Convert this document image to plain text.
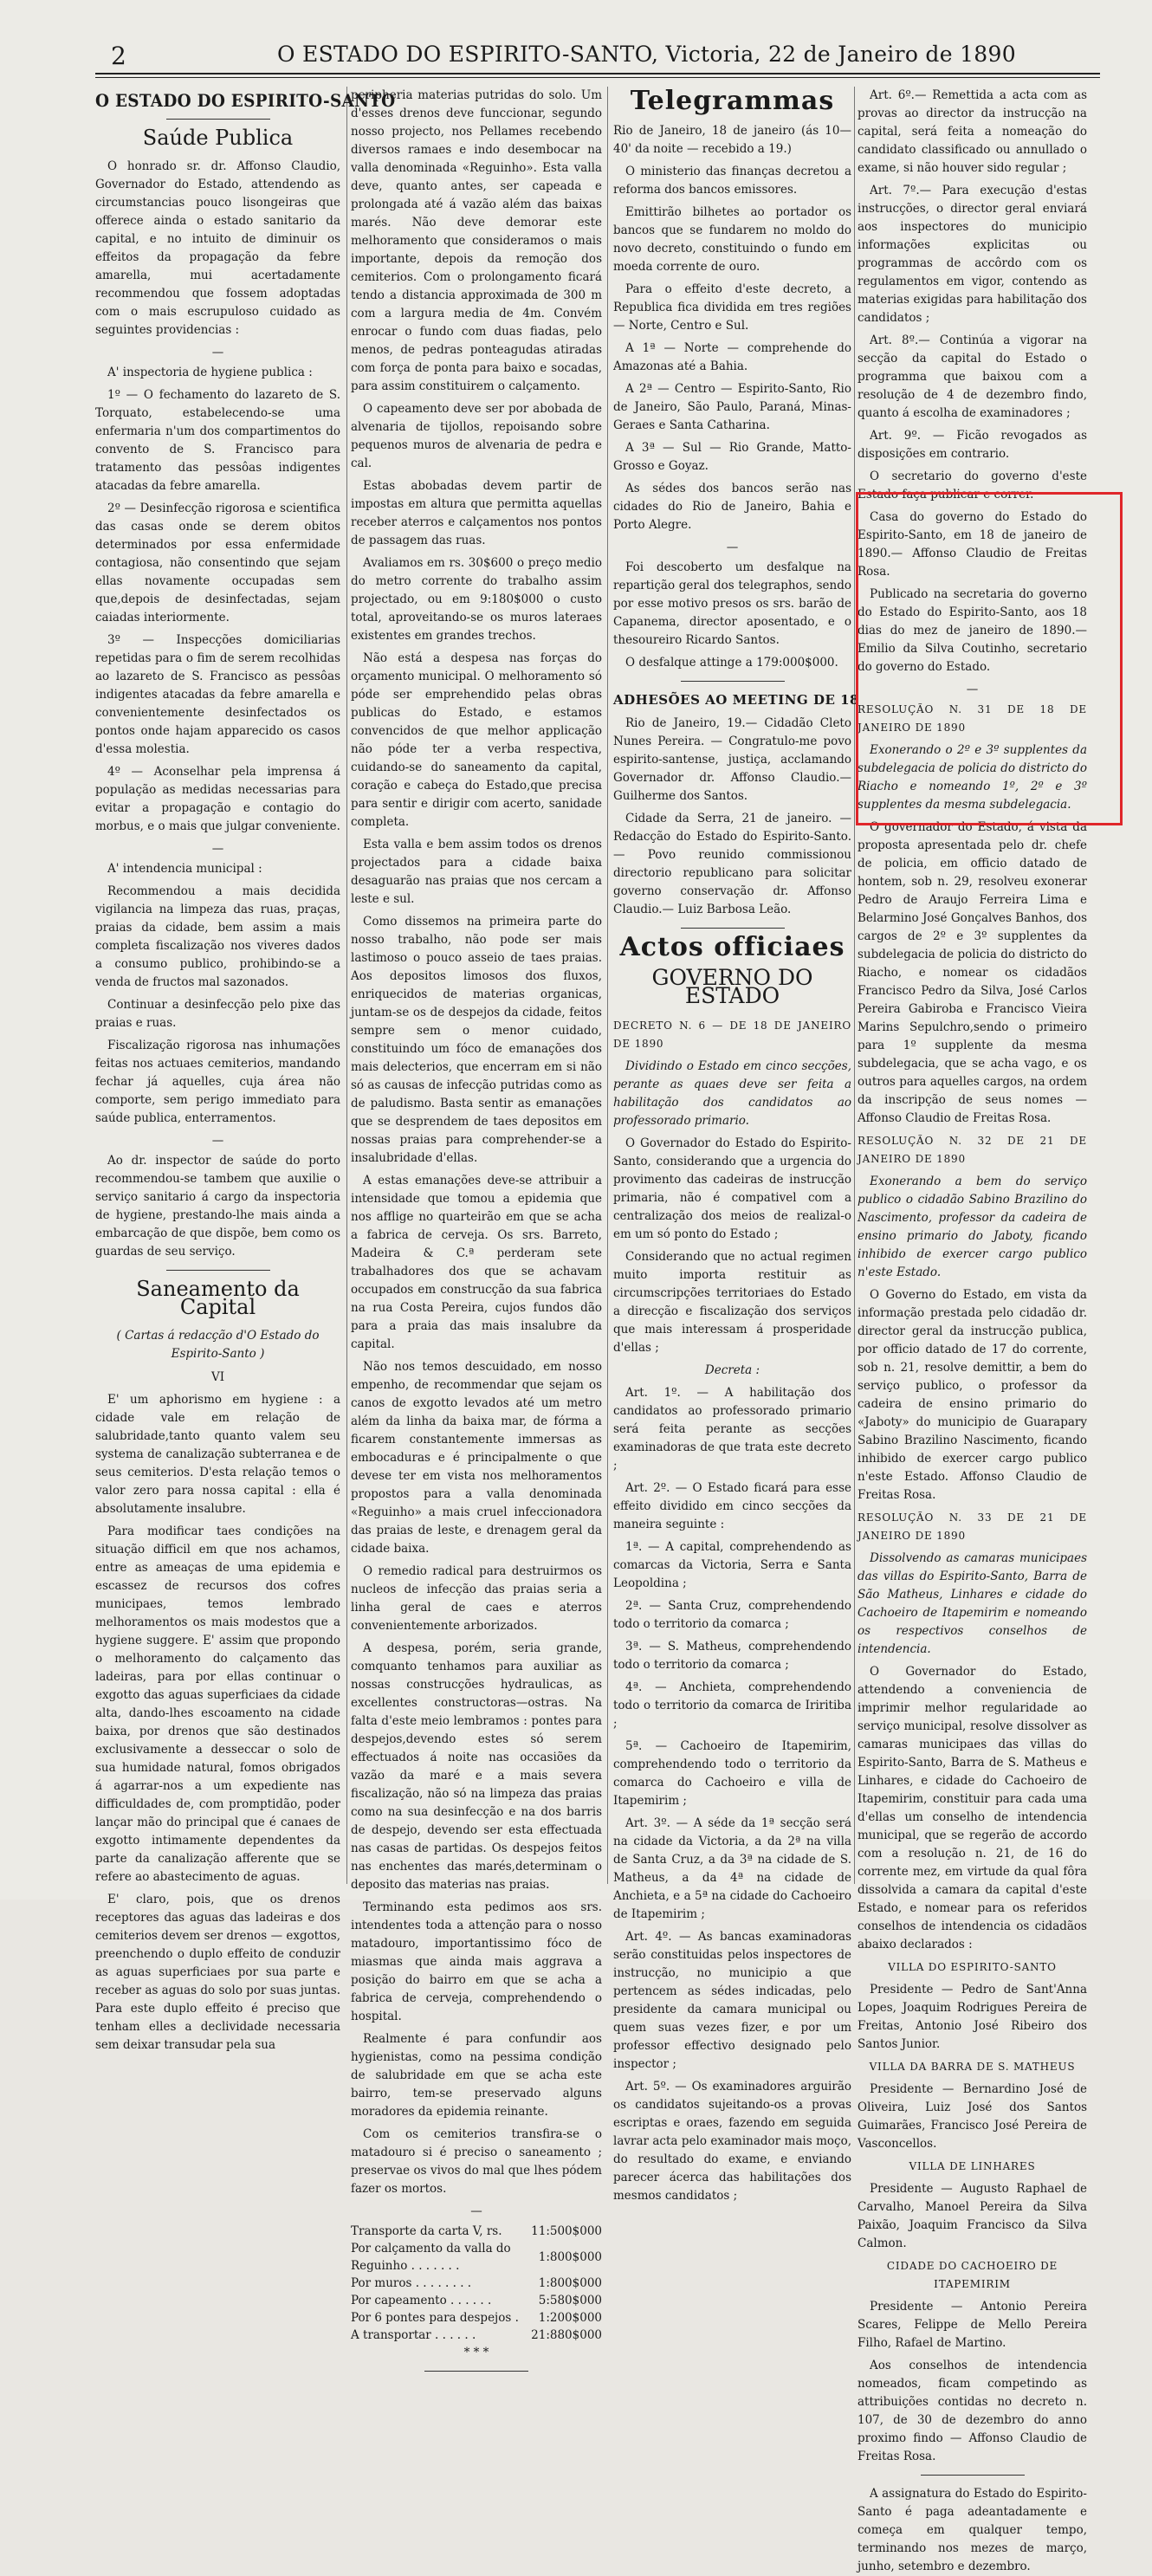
2	O ESTADO DO ESPIRITO-SANTO, Victoria, 22 de Janeiro de 1890
O ESTADO DO ESPIRITO-SANTO
Saúde Publica

O honrado sr. dr. Affonso Claudio, Governador do Estado, attendendo as circumstancias pouco lisongeiras que offerece ainda o estado sanitario da capital, e no intuito de diminuir os effeitos da propagação da febre amarella, mui acertadamente recommendou que fossem adoptadas com o mais escrupuloso cuidado as seguintes providencias :

—

A' inspectoria de hygiene publica :

1º — O fechamento do lazareto de S. Torquato, estabelecendo-se uma enfermaria n'um dos compartimentos do convento de S. Francisco para tratamento das pessôas indigentes atacadas da febre amarella.

2º — Desinfecção rigorosa e scientifica das casas onde se derem obitos determinados por essa enfermidade contagiosa, não consentindo que sejam ellas novamente occupadas sem que,depois de desinfectadas, sejam caiadas interiormente.

3º — Inspecções domiciliarias repetidas para o fim de serem recolhidas ao lazareto de S. Francisco as pessôas indigentes atacadas da febre amarella e convenientemente desinfectados os pontos onde hajam apparecido os casos d'essa molestia.

4º — Aconselhar pela imprensa á população as medidas necessarias para evitar a propagação e contagio do morbus, e o mais que julgar conveniente.

—

A' intendencia municipal :

Recommendou a mais decidida vigilancia na limpeza das ruas, praças, praias da cidade, bem assim a mais completa fiscalização nos viveres dados a consumo publico, prohibindo-se a venda de fructos mal sazonados.

Continuar a desinfecção pelo pixe das praias e ruas.

Fiscalização rigorosa nas inhumações feitas nos actuaes cemiterios, mandando fechar já aquelles, cuja área não comporte, sem perigo immediato para saúde publica, enterramentos.

—

Ao dr. inspector de saúde do porto recommendou-se tambem que auxilie o serviço sanitario á cargo da inspectoria de hygiene, prestando-lhe mais ainda a embarcação de que dispõe, bem como os guardas de seu serviço.

Saneamento da Capital

( Cartas á redacção d'O Estado do Espirito-Santo )

VI

E' um aphorismo em hygiene : a cidade vale em relação de salubridade,tanto quanto valem seu systema de canalização subterranea e de seus cemiterios. D'esta relação temos o valor zero para nossa capital : ella é absolutamente insalubre.

Para modificar taes condições na situação difficil em que nos achamos, entre as ameaças de uma epidemia e escassez de recursos dos cofres municipaes, temos lembrado melhoramentos os mais modestos que a hygiene suggere. E' assim que propondo o melhoramento do calçamento das ladeiras, para por ellas continuar o exgotto das aguas superficiaes da cidade alta, dando-lhes escoamento na cidade baixa, por drenos que são destinados exclusivamente a desseccar o solo de sua humidade natural, fomos obrigados á agarrar-nos a um expediente nas difficuldades de, com promptidão, poder lançar mão do principal que é canaes de exgotto intimamente dependentes da parte da canalização afferente que se refere ao abastecimento de aguas.

E' claro, pois, que os drenos receptores das aguas das ladeiras e dos cemiterios devem ser drenos — exgottos, preenchendo o duplo effeito de conduzir as aguas superficiaes por sua parte e receber as aguas do solo por suas juntas. Para este duplo effeito é preciso que tenham elles a declividade necessaria sem deixar transudar pela sua

peripheria materias putridas do solo. Um d'esses drenos deve funccionar, segundo nosso projecto, nos Pellames recebendo diversos ramaes e indo desembocar na valla denominada «Reguinho». Esta valla deve, quanto antes, ser capeada e prolongada até á vazão além das baixas marés. Não deve demorar este melhoramento que consideramos o mais importante, depois da remoção dos cemiterios. Com o prolongamento ficará tendo a distancia approximada de 300 m com a largura media de 4m. Convém enrocar o fundo com duas fiadas, pelo menos, de pedras ponteagudas atiradas com força de ponta para baixo e socadas, para assim constituirem o calçamento.

O capeamento deve ser por abobada de alvenaria de tijollos, repoisando sobre pequenos muros de alvenaria de pedra e cal.

Estas abobadas devem partir de impostas em altura que permitta aquellas receber aterros e calçamentos nos pontos de passagem das ruas.

Avaliamos em rs. 30$600 o preço medio do metro corrente do trabalho assim projectado, ou em 9:180$000 o custo total, aproveitando-se os muros lateraes existentes em grandes trechos.

Não está a despesa nas forças do orçamento municipal. O melhoramento só póde ser emprehendido pelas obras publicas do Estado, e estamos convencidos de que melhor applicação não póde ter a verba respectiva, cuidando-se do saneamento da capital, coração e cabeça do Estado,que precisa para sentir e dirigir com acerto, sanidade completa.

Esta valla e bem assim todos os drenos projectados para a cidade baixa desaguarão nas praias que nos cercam a leste e sul.

Como dissemos na primeira parte do nosso trabalho, não pode ser mais lastimoso o pouco asseio de taes praias. Aos depositos limosos dos fluxos, enriquecidos de materias organicas, juntam-se os de despejos da cidade, feitos sempre sem o menor cuidado, constituindo um fóco de emanações dos mais delecterios, que encerram em si não só as causas de infecção putridas como as de paludismo. Basta sentir as emanações que se desprendem de taes depositos em nossas praias para comprehender-se a insalubridade d'ellas.

A estas emanações deve-se attribuir a intensidade que tomou a epidemia que nos afflige no quarteirão em que se acha a fabrica de cerveja. Os srs. Barreto, Madeira & C.ª perderam sete trabalhadores dos que se achavam occupados em construcção da sua fabrica na rua Costa Pereira, cujos fundos dão para a praia das mais insalubre da capital.

Não nos temos descuidado, em nosso empenho, de recommendar que sejam os canos de exgotto levados até um metro além da linha da baixa mar, de fórma a ficarem constantemente immersas as embocaduras e é principalmente o que devese ter em vista nos melhoramentos propostos para a valla denominada «Reguinho» a mais cruel infeccionadora das praias de leste, e drenagem geral da cidade baixa.

O remedio radical para destruirmos os nucleos de infecção das praias seria a linha geral de caes e aterros convenientemente arborizados.

A despesa, porém, seria grande, comquanto tenhamos para auxiliar as nossas construcções hydraulicas, as excellentes constructoras—ostras. Na falta d'este meio lembramos : pontes para despejos,devendo estes só serem effectuados á noite nas occasiões da vazão da maré e a mais severa fiscalização, não só na limpeza das praias como na sua desinfecção e na dos barris de despejo, devendo ser esta effectuada nas casas de partidas. Os despejos feitos nas enchentes das marés,determinam o deposito das materias nas praias.

Terminando esta pedimos aos srs. intendentes toda a attenção para o nosso matadouro, importantissimo fóco de miasmas que ainda mais aggrava a posição do bairro em que se acha a fabrica de cerveja, comprehendendo o hospital.

Realmente é para confundir aos hygienistas, como na pessima condição de salubridade em que se acha este bairro, tem-se preservado alguns moradores da epidemia reinante.

Com os cemiterios transfira-se o matadouro si é preciso o saneamento ; preservae os vivos do mal que lhes pódem fazer os mortos.

—
Transporte da carta V, rs.	11:500$000
Por calçamento da valla do Reguinho . . . . . . .	1:800$000
Por muros . . . . . . . .	1:800$000
Por capeamento . . . . . .	5:580$000
Por 6 pontes para despejos .	1:200$000
A transportar . . . . . .	21:880$000

* * *

Telegrammas

Rio de Janeiro, 18 de janeiro (ás 10—40' da noite — recebido a 19.)

O ministerio das finanças decretou a reforma dos bancos emissores.

Emittirão bilhetes ao portador os bancos que se fundarem no moldo do novo decreto, constituindo o fundo em moeda corrente de ouro.

Para o effeito d'este decreto, a Republica fica dividida em tres regiões — Norte, Centro e Sul.

A 1ª — Norte — comprehende do Amazonas até a Bahia.

A 2ª — Centro — Espirito-Santo, Rio de Janeiro, São Paulo, Paraná, Minas-Geraes e Santa Catharina.

A 3ª — Sul — Rio Grande, Matto-Grosso e Goyaz.

As sédes dos bancos serão nas cidades do Rio de Janeiro, Bahia e Porto Alegre.

—

Foi descoberto um desfalque na repartição geral dos telegraphos, sendo por esse motivo presos os srs. barão de Capanema, director aposentado, e o thesoureiro Ricardo Santos.

O desfalque attinge a 179:000$000.

ADHESÕES AO MEETING DE 18

Rio de Janeiro, 19.— Cidadão Cleto Nunes Pereira. — Congratulo-me povo espirito-santense, justiça, acclamando Governador dr. Affonso Claudio.— Guilherme dos Santos.

Cidade da Serra, 21 de janeiro. — Redacção do Estado do Espirito-Santo. — Povo reunido commissionou directorio republicano para solicitar governo conservação dr. Affonso Claudio.— Luiz Barbosa Leão.

Actos officiaes
GOVERNO DO ESTADO

DECRETO N. 6 — DE 18 DE JANEIRO DE 1890

Dividindo o Estado em cinco secções, perante as quaes deve ser feita a habilitação dos candidatos ao professorado primario.

O Governador do Estado do Espirito-Santo, considerando que a urgencia do provimento das cadeiras de instrucção primaria, não é compativel com a centralização dos meios de realizal-o em um só ponto do Estado ;

Considerando que no actual regimen muito importa restituir as circumscripções territoriaes do Estado a direcção e fiscalização dos serviços que mais interessam á prosperidade d'ellas ;

Decreta :

Art. 1º. — A habilitação dos candidatos ao professorado primario será feita perante as secções examinadoras de que trata este decreto ;

Art. 2º. — O Estado ficará para esse effeito dividido em cinco secções da maneira seguinte :

1ª. — A capital, comprehendendo as comarcas da Victoria, Serra e Santa Leopoldina ;

2ª. — Santa Cruz, comprehendendo todo o territorio da comarca ;

3ª. — S. Matheus, comprehendendo todo o territorio da comarca ;

4ª. — Anchieta, comprehendendo todo o territorio da comarca de Iriritiba ;

5ª. — Cachoeiro de Itapemirim, comprehendendo todo o territorio da comarca do Cachoeiro e villa de Itapemirim ;

Art. 3º. — A séde da 1ª secção será na cidade da Victoria, a da 2ª na villa de Santa Cruz, a da 3ª na cidade de S. Matheus, a da 4ª na cidade de Anchieta, e a 5ª na cidade do Cachoeiro de Itapemirim ;

Art. 4º. — As bancas examinadoras serão constituidas pelos inspectores de instrucção, no municipio a que pertencem as sédes indicadas, pelo presidente da camara municipal ou quem suas vezes fizer, e por um professor effectivo designado pelo inspector ;

Art. 5º. — Os examinadores arguirão os candidatos sujeitando-os a provas escriptas e oraes, fazendo em seguida lavrar acta pelo examinador mais moço, do resultado do exame, e enviando parecer ácerca das habilitações dos mesmos candidatos ;

Art. 6º.— Remettida a acta com as provas ao director da instrucção na capital, será feita a nomeação do candidato classificado ou annullado o exame, si não houver sido regular ;

Art. 7º.— Para execução d'estas instrucções, o director geral enviará aos inspectores do municipio informações explicitas ou programmas de accôrdo com os regulamentos em vigor, contendo as materias exigidas para habilitação dos candidatos ;

Art. 8º.— Continúa a vigorar na secção da capital do Estado o programma que baixou com a resolução de 4 de dezembro findo, quanto á escolha de examinadores ;

Art. 9º. — Ficão revogados as disposições em contrario.

O secretario do governo d'este Estado faça publicar e correr.

Casa do governo do Estado do Espirito-Santo, em 18 de janeiro de 1890.— Affonso Claudio de Freitas Rosa.

Publicado na secretaria do governo do Estado do Espirito-Santo, aos 18 dias do mez de janeiro de 1890.— Emilio da Silva Coutinho, secretario do governo do Estado.

—

RESOLUÇÃO N. 31 DE 18 DE JANEIRO DE 1890

Exonerando o 2º e 3º supplentes da subdelegacia de policia do districto do Riacho e nomeando 1º, 2º e 3º supplentes da mesma subdelegacia.

O governador do Estado, á vista da proposta apresentada pelo dr. chefe de policia, em officio datado de hontem, sob n. 29, resolveu exonerar Pedro de Araujo Ferreira Lima e Belarmino José Gonçalves Banhos, dos cargos de 2º e 3º supplentes da subdelegacia de policia do districto do Riacho, e nomear os cidadãos Francisco Pedro da Silva, José Carlos Pereira Gabiroba e Francisco Vieira Marins Sepulchro,sendo o primeiro para 1º supplente da mesma subdelegacia, que se acha vago, e os outros para aquelles cargos, na ordem da inscripção de seus nomes — Affonso Claudio de Freitas Rosa.

RESOLUÇÃO N. 32 DE 21 DE JANEIRO DE 1890

Exonerando a bem do serviço publico o cidadão Sabino Brazilino do Nascimento, professor da cadeira de ensino primario do Jaboty, ficando inhibido de exercer cargo publico n'este Estado.

O Governo do Estado, em vista da informação prestada pelo cidadão dr. director geral da instrucção publica, por officio datado de 17 do corrente, sob n. 21, resolve demittir, a bem do serviço publico, o professor da cadeira de ensino primario do «Jaboty» do municipio de Guarapary Sabino Brazilino Nascimento, ficando inhibido de exercer cargo publico n'este Estado. Affonso Claudio de Freitas Rosa.

RESOLUÇÃO N. 33 DE 21 DE JANEIRO DE 1890

Dissolvendo as camaras municipaes das villas do Espirito-Santo, Barra de São Matheus, Linhares e cidade do Cachoeiro de Itapemirim e nomeando os respectivos conselhos de intendencia.

O Governador do Estado, attendendo a conveniencia de imprimir melhor regularidade ao serviço municipal, resolve dissolver as camaras municipaes das villas do Espirito-Santo, Barra de S. Matheus e Linhares, e cidade do Cachoeiro de Itapemirim, constituir para cada uma d'ellas um conselho de intendencia municipal, que se regerão de accordo com a resolução n. 21, de 16 do corrente mez, em virtude da qual fôra dissolvida a camara da capital d'este Estado, e nomear para os referidos conselhos de intendencia os cidadãos abaixo declarados :

VILLA DO ESPIRITO-SANTO

Presidente — Pedro de Sant'Anna Lopes, Joaquim Rodrigues Pereira de Freitas, Antonio José Ribeiro dos Santos Junior.

VILLA DA BARRA DE S. MATHEUS

Presidente — Bernardino José de Oliveira, Luiz José dos Santos Guimarães, Francisco José Pereira de Vasconcellos.

VILLA DE LINHARES

Presidente — Augusto Raphael de Carvalho, Manoel Pereira da Silva Paixão, Joaquim Francisco da Silva Calmon.

CIDADE DO CACHOEIRO DE ITAPEMIRIM

Presidente — Antonio Pereira Scares, Felippe de Mello Pereira Filho, Rafael de Martino.

Aos conselhos de intendencia nomeados, ficam competindo as attribuições contidas no decreto n. 107, de 30 de dezembro do anno proximo findo — Affonso Claudio de Freitas Rosa.

A assignatura do Estado do Espirito-Santo é paga adeantadamente e começa em qualquer tempo, terminando nos mezes de março, junho, setembro e dezembro.
